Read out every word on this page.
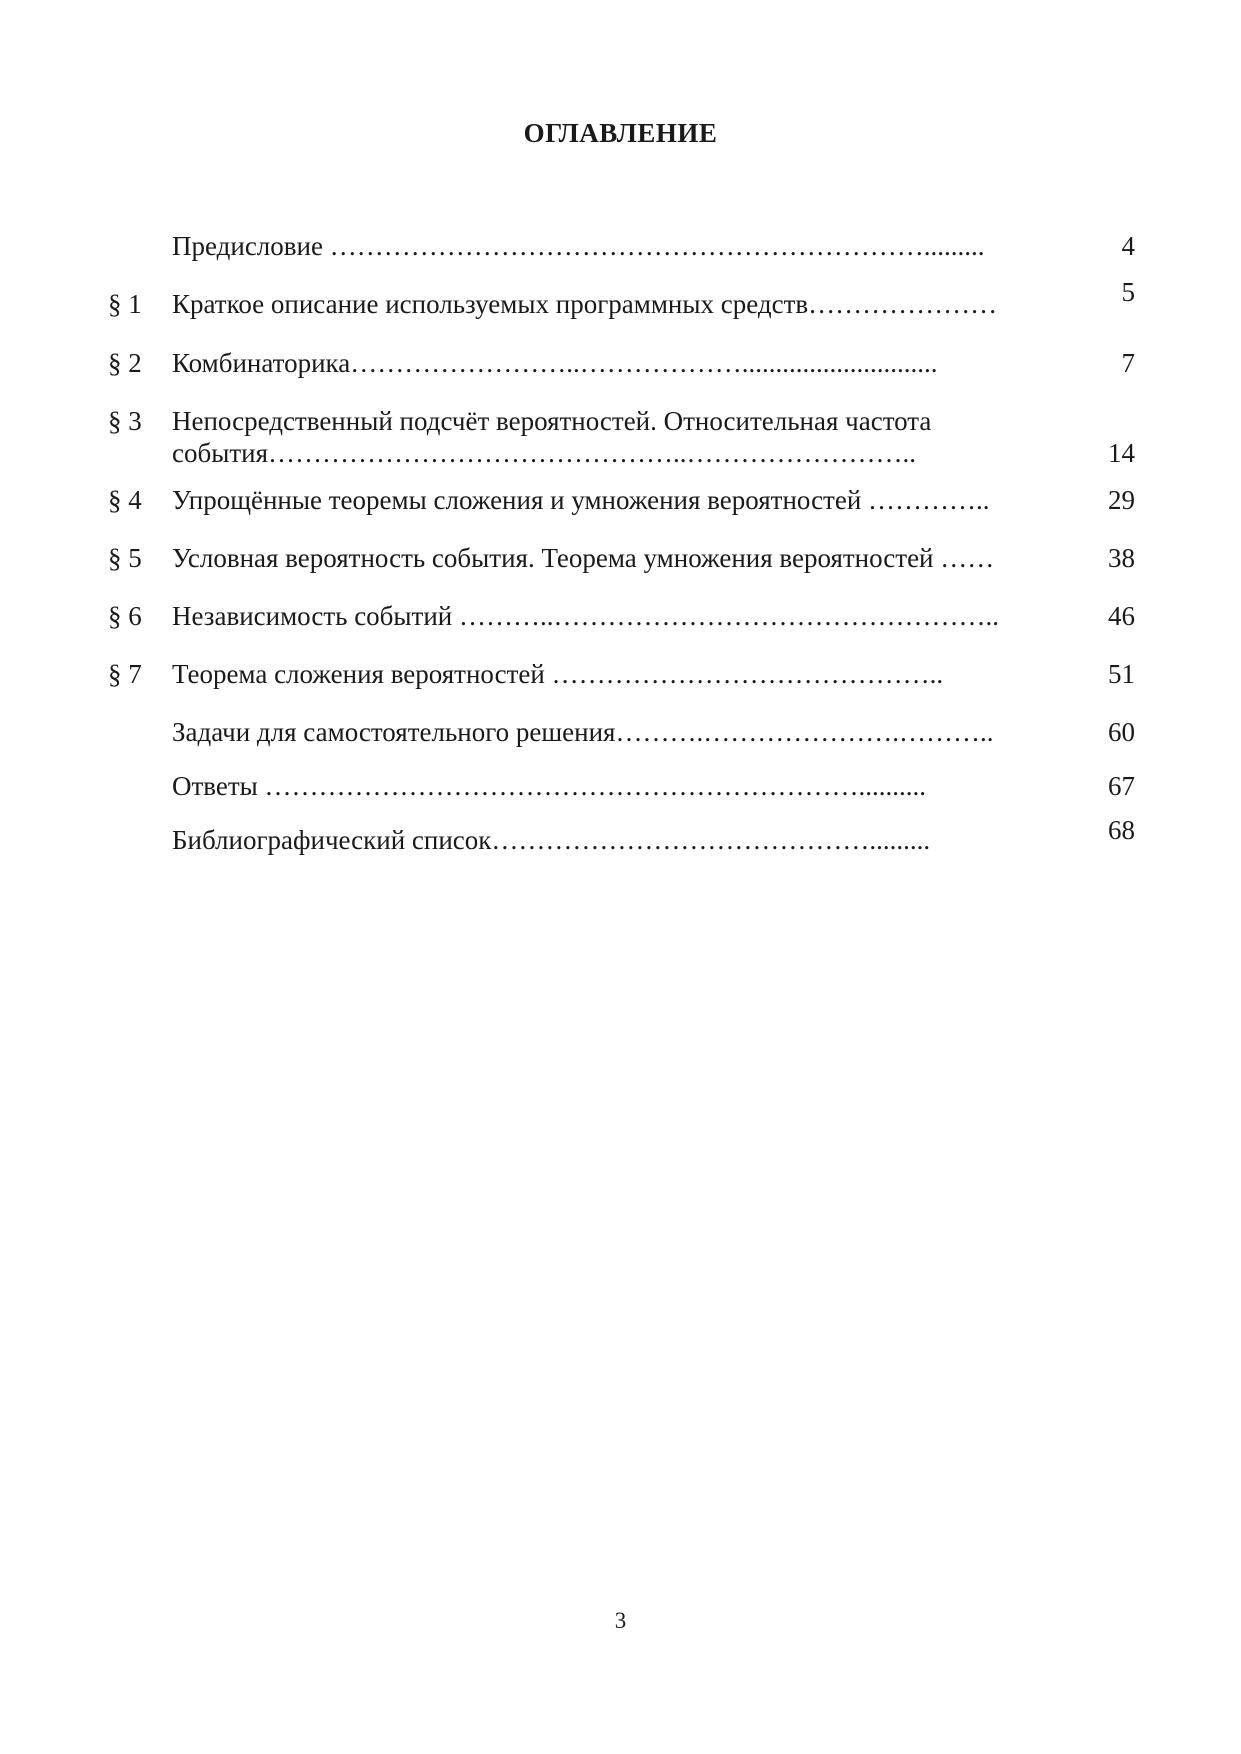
ОГЛАВЛЕНИЕ
Предисловие ………………………………………………………….........	4
§ 1 Краткое описание используемых программных средств…………………	5
§ 2 Комбинаторика……………………..……………….............................	7
§ 3 Непосредственный подсчёт вероятностей. Относительная частота
события………………………………………..……………………..	14
§ 4 Упрощённые теоремы сложения и умножения вероятностей …………..	29
§ 5 Условная вероятность события. Теорема умножения вероятностей ……	38
§ 6 Независимость событий ………..…………………………………………..	46
§ 7 Теорема сложения вероятностей ……………………………………..	51
Задачи для самостоятельного решения……….………………….………..	60
Ответы …………………………………………………………..........	67
Библиографический список…………………………………….........	68
3
